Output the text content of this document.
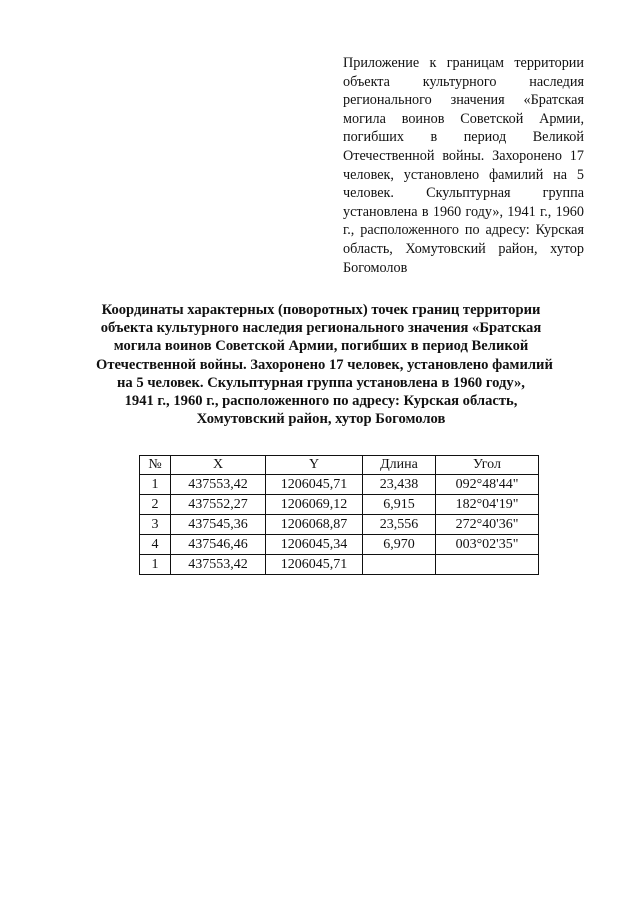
Приложение к границам территории объекта культурного наследия регионального значения «Братская могила воинов Советской Армии, погибших в период Великой Отечественной войны. Захоронено 17 человек, установлено фамилий на 5 человек. Скульптурная группа установлена в 1960 году», 1941 г., 1960 г., расположенного по адресу: Курская область, Хомутовский район, хутор Богомолов
Координаты характерных (поворотных) точек границ территории
объекта культурного наследия регионального значения «Братская
могила воинов Советской Армии, погибших в период Великой
Отечественной войны. Захоронено 17 человек, установлено фамилий
на 5 человек. Скульптурная группа установлена в 1960 году»,
1941 г., 1960 г., расположенного по адресу: Курская область,
Хомутовский район, хутор Богомолов
№	X	Y	Длина	Угол
1	437553,42	1206045,71	23,438	092°48'44"
2	437552,27	1206069,12	6,915	182°04'19"
3	437545,36	1206068,87	23,556	272°40'36"
4	437546,46	1206045,34	6,970	003°02'35"
1	437553,42	1206045,71		
